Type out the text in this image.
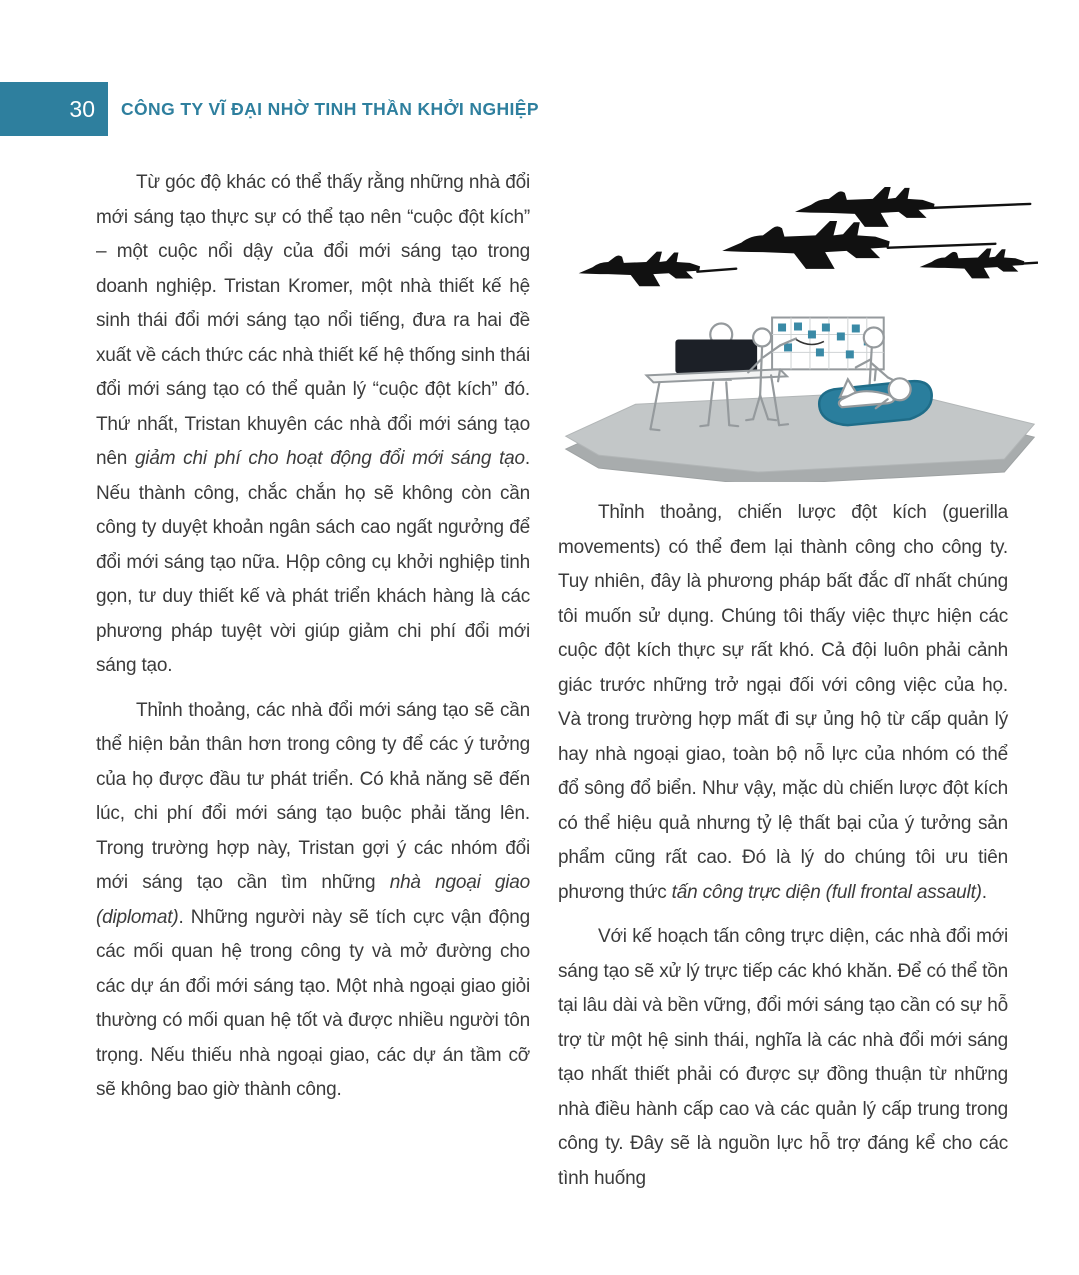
30 CÔNG TY VĨ ĐẠI NHỜ TINH THẦN KHỞI NGHIỆP

Từ góc độ khác có thể thấy rằng những nhà đổi mới sáng tạo thực sự có thể tạo nên “cuộc đột kích” – một cuộc nổi dậy của đổi mới sáng tạo trong doanh nghiệp. Tristan Kromer, một nhà thiết kế hệ sinh thái đổi mới sáng tạo nổi tiếng, đưa ra hai đề xuất về cách thức các nhà thiết kế hệ thống sinh thái đổi mới sáng tạo có thể quản lý “cuộc đột kích” đó. Thứ nhất, Tristan khuyên các nhà đổi mới sáng tạo nên giảm chi phí cho hoạt động đổi mới sáng tạo. Nếu thành công, chắc chắn họ sẽ không còn cần công ty duyệt khoản ngân sách cao ngất ngưởng để đổi mới sáng tạo nữa. Hộp công cụ khởi nghiệp tinh gọn, tư duy thiết kế và phát triển khách hàng là các phương pháp tuyệt vời giúp giảm chi phí đổi mới sáng tạo.

Thỉnh thoảng, các nhà đổi mới sáng tạo sẽ cần thể hiện bản thân hơn trong công ty để các ý tưởng của họ được đầu tư phát triển. Có khả năng sẽ đến lúc, chi phí đổi mới sáng tạo buộc phải tăng lên. Trong trường hợp này, Tristan gợi ý các nhóm đổi mới sáng tạo cần tìm những nhà ngoại giao (diplomat). Những người này sẽ tích cực vận động các mối quan hệ trong công ty và mở đường cho các dự án đổi mới sáng tạo. Một nhà ngoại giao giỏi thường có mối quan hệ tốt và được nhiều người tôn trọng. Nếu thiếu nhà ngoại giao, các dự án tầm cỡ sẽ không bao giờ thành công.

Thỉnh thoảng, chiến lược đột kích (guerilla movements) có thể đem lại thành công cho công ty. Tuy nhiên, đây là phương pháp bất đắc dĩ nhất chúng tôi muốn sử dụng. Chúng tôi thấy việc thực hiện các cuộc đột kích thực sự rất khó. Cả đội luôn phải cảnh giác trước những trở ngại đối với công việc của họ. Và trong trường hợp mất đi sự ủng hộ từ cấp quản lý hay nhà ngoại giao, toàn bộ nỗ lực của nhóm có thể đổ sông đổ biển. Như vậy, mặc dù chiến lược đột kích có thể hiệu quả nhưng tỷ lệ thất bại của ý tưởng sản phẩm cũng rất cao. Đó là lý do chúng tôi ưu tiên phương thức tấn công trực diện (full frontal assault).

Với kế hoạch tấn công trực diện, các nhà đổi mới sáng tạo sẽ xử lý trực tiếp các khó khăn. Để có thể tồn tại lâu dài và bền vững, đổi mới sáng tạo cần có sự hỗ trợ từ một hệ sinh thái, nghĩa là các nhà đổi mới sáng tạo nhất thiết phải có được sự đồng thuận từ những nhà điều hành cấp cao và các quản lý cấp trung trong công ty. Đây sẽ là nguồn lực hỗ trợ đáng kể cho các tình huống
